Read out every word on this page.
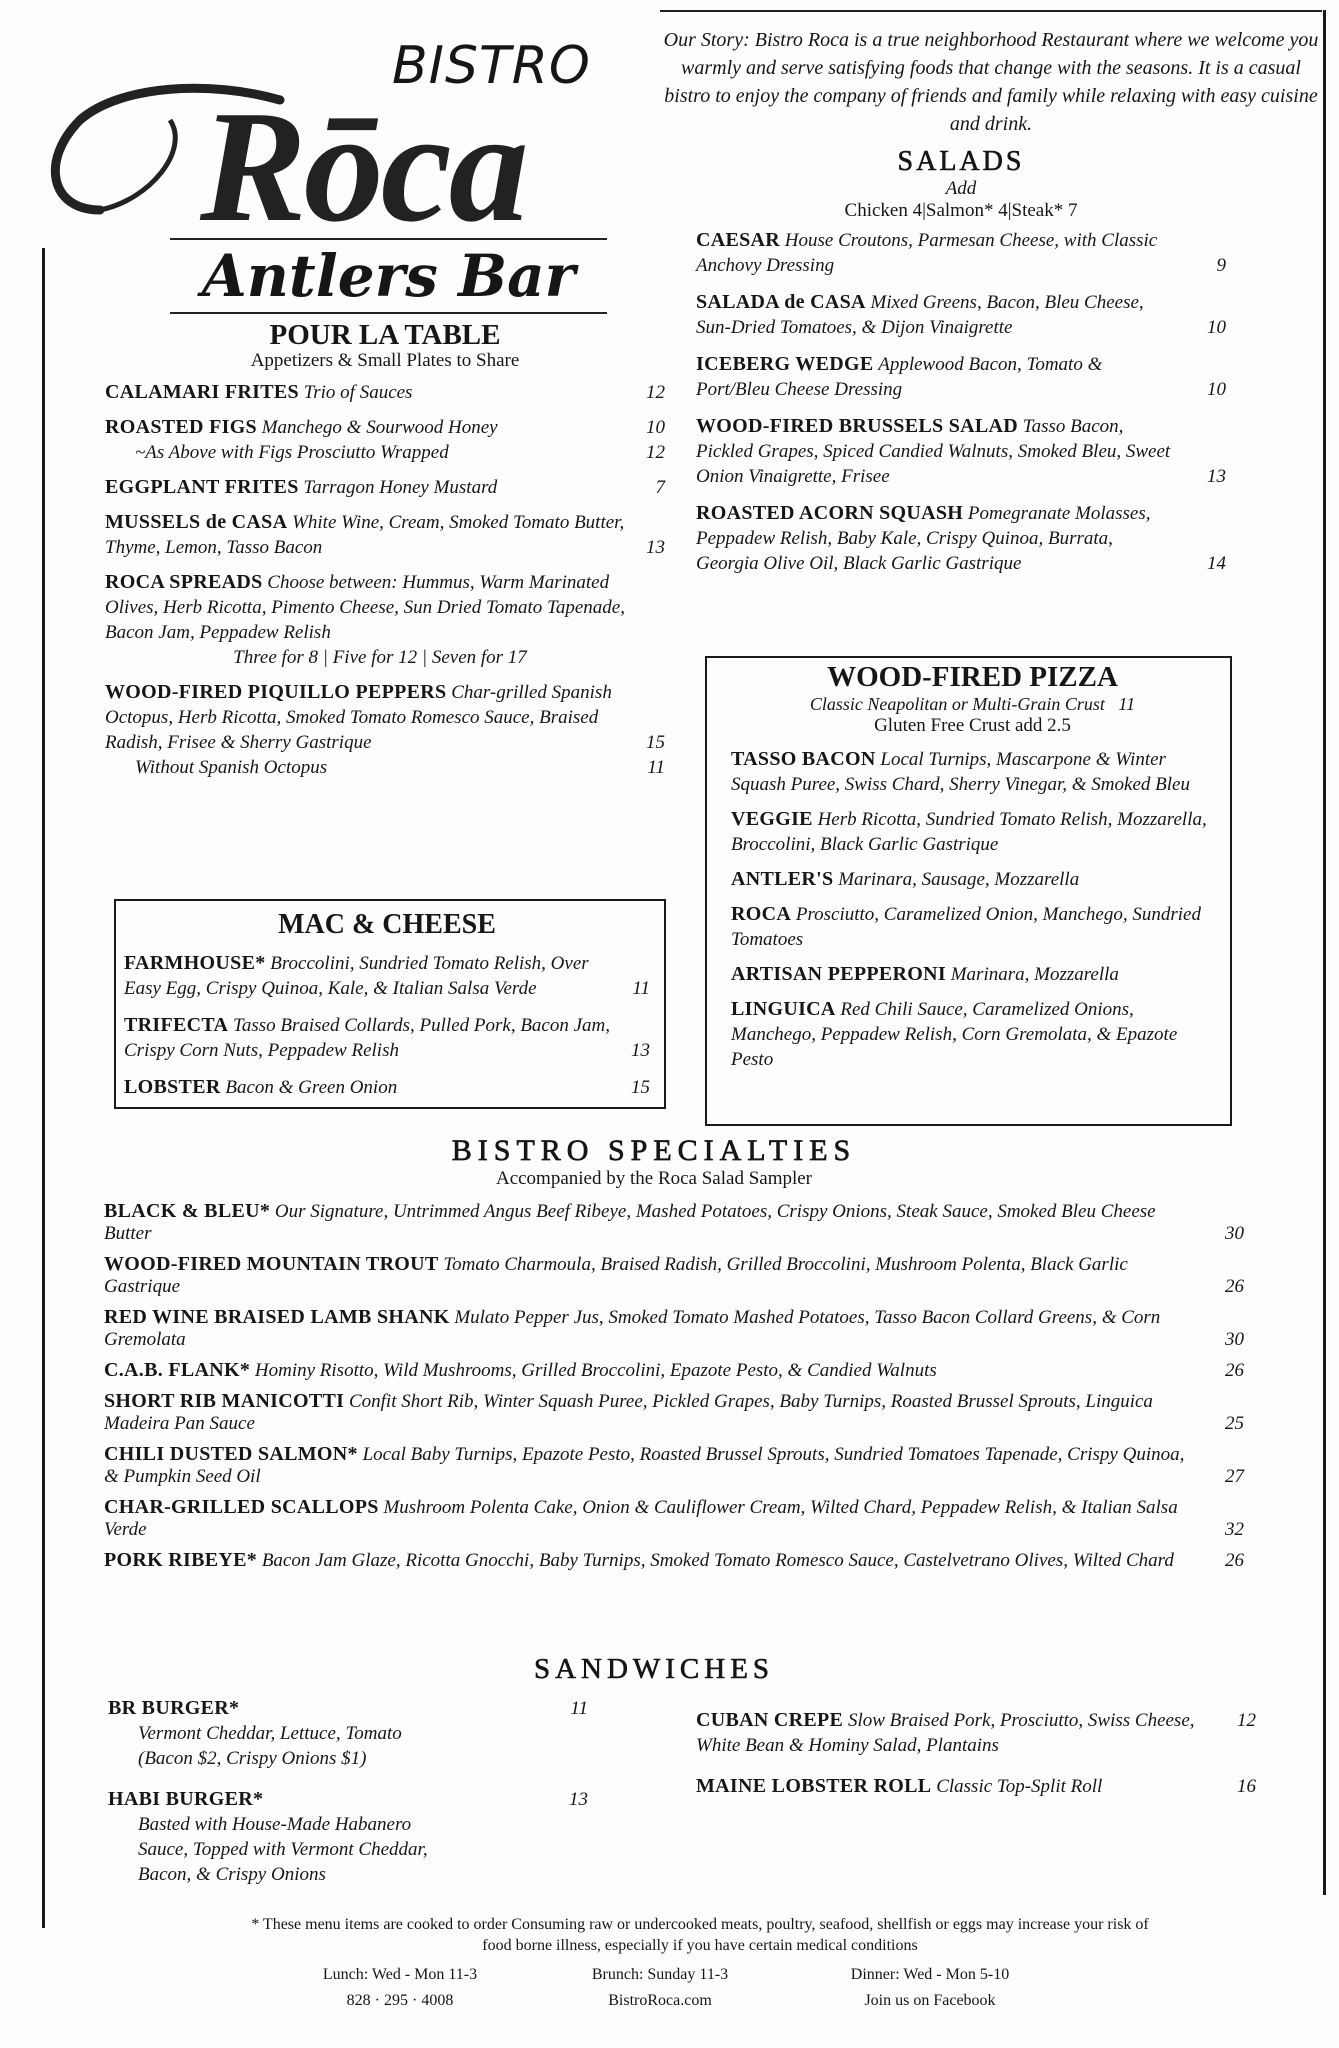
BISTRO
Rōca
Antlers Bar
Our Story: Bistro Roca is a true neighborhood Restaurant where we welcome you warmly and serve satisfying foods that change with the seasons. It is a casual bistro to enjoy the company of friends and family while relaxing with easy cuisine and drink.
POUR LA TABLE
Appetizers & Small Plates to Share
CALAMARI FRITES Trio of Sauces	12
ROASTED FIGS Manchego & Sourwood Honey	10
~As Above with Figs Prosciutto Wrapped	12
EGGPLANT FRITES Tarragon Honey Mustard	7
MUSSELS de CASA White Wine, Cream, Smoked Tomato Butter, Thyme, Lemon, Tasso Bacon	13
ROCA SPREADS Choose between: Hummus, Warm Marinated Olives, Herb Ricotta, Pimento Cheese, Sun Dried Tomato Tapenade, Bacon Jam, Peppadew Relish
Three for 8 | Five for 12 | Seven for 17
WOOD-FIRED PIQUILLO PEPPERS Char-grilled Spanish Octopus, Herb Ricotta, Smoked Tomato Romesco Sauce, Braised Radish, Frisee & Sherry Gastrique	15
Without Spanish Octopus	11
MAC & CHEESE
FARMHOUSE* Broccolini, Sundried Tomato Relish, Over Easy Egg, Crispy Quinoa, Kale, & Italian Salsa Verde	11
TRIFECTA Tasso Braised Collards, Pulled Pork, Bacon Jam, Crispy Corn Nuts, Peppadew Relish	13
LOBSTER Bacon & Green Onion	15
SALADS
Add
Chicken 4|Salmon* 4|Steak* 7
CAESAR House Croutons, Parmesan Cheese, with Classic Anchovy Dressing	9
SALADA de CASA Mixed Greens, Bacon, Bleu Cheese, Sun-Dried Tomatoes, & Dijon Vinaigrette	10
ICEBERG WEDGE Applewood Bacon, Tomato & Port/Bleu Cheese Dressing	10
WOOD-FIRED BRUSSELS SALAD Tasso Bacon, Pickled Grapes, Spiced Candied Walnuts, Smoked Bleu, Sweet Onion Vinaigrette, Frisee	13
ROASTED ACORN SQUASH Pomegranate Molasses, Peppadew Relish, Baby Kale, Crispy Quinoa, Burrata, Georgia Olive Oil, Black Garlic Gastrique	14
WOOD-FIRED PIZZA
Classic Neapolitan or Multi-Grain Crust 11
Gluten Free Crust add 2.5
TASSO BACON Local Turnips, Mascarpone & Winter Squash Puree, Swiss Chard, Sherry Vinegar, & Smoked Bleu
VEGGIE Herb Ricotta, Sundried Tomato Relish, Mozzarella, Broccolini, Black Garlic Gastrique
ANTLER'S Marinara, Sausage, Mozzarella
ROCA Prosciutto, Caramelized Onion, Manchego, Sundried Tomatoes
ARTISAN PEPPERONI Marinara, Mozzarella
LINGUICA Red Chili Sauce, Caramelized Onions, Manchego, Peppadew Relish, Corn Gremolata, & Epazote Pesto
BISTRO SPECIALTIES
Accompanied by the Roca Salad Sampler
BLACK & BLEU* Our Signature, Untrimmed Angus Beef Ribeye, Mashed Potatoes, Crispy Onions, Steak Sauce, Smoked Bleu Cheese Butter	30
WOOD-FIRED MOUNTAIN TROUT Tomato Charmoula, Braised Radish, Grilled Broccolini, Mushroom Polenta, Black Garlic Gastrique	26
RED WINE BRAISED LAMB SHANK Mulato Pepper Jus, Smoked Tomato Mashed Potatoes, Tasso Bacon Collard Greens, & Corn Gremolata	30
C.A.B. FLANK* Hominy Risotto, Wild Mushrooms, Grilled Broccolini, Epazote Pesto, & Candied Walnuts	26
SHORT RIB MANICOTTI Confit Short Rib, Winter Squash Puree, Pickled Grapes, Baby Turnips, Roasted Brussel Sprouts, Linguica Madeira Pan Sauce	25
CHILI DUSTED SALMON* Local Baby Turnips, Epazote Pesto, Roasted Brussel Sprouts, Sundried Tomatoes Tapenade, Crispy Quinoa, & Pumpkin Seed Oil	27
CHAR-GRILLED SCALLOPS Mushroom Polenta Cake, Onion & Cauliflower Cream, Wilted Chard, Peppadew Relish, & Italian Salsa Verde	32
PORK RIBEYE* Bacon Jam Glaze, Ricotta Gnocchi, Baby Turnips, Smoked Tomato Romesco Sauce, Castelvetrano Olives, Wilted Chard	26
SANDWICHES
BR BURGER*
Vermont Cheddar, Lettuce, Tomato (Bacon $2, Crispy Onions $1)
11
HABI BURGER*
Basted with House-Made Habanero Sauce, Topped with Vermont Cheddar, Bacon, & Crispy Onions
13
CUBAN CREPE Slow Braised Pork, Prosciutto, Swiss Cheese, White Bean & Hominy Salad, Plantains
12
MAINE LOBSTER ROLL Classic Top-Split Roll	16
* These menu items are cooked to order Consuming raw or undercooked meats, poultry, seafood, shellfish or eggs may increase your risk of food borne illness, especially if you have certain medical conditions
Lunch: Wed - Mon 11-3	Brunch: Sunday 11-3	Dinner: Wed - Mon 5-10
828 · 295 · 4008	BistroRoca.com	Join us on Facebook
